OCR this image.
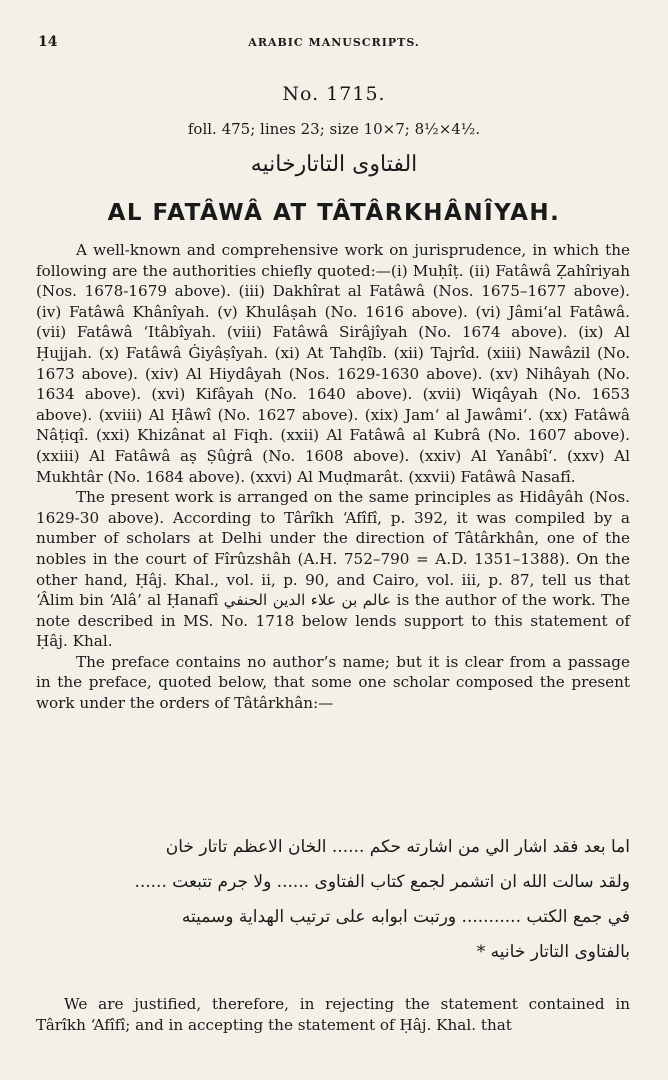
14	ARABIC MANUSCRIPTS.
No. 1715.
foll. 475; lines 23; size 10×7; 8½×4½.
الفتاوى التاتارخانيه
AL FATÂWÂ AT TÂTÂRKHÂNÎYAH.

A well-known and comprehensive work on jurisprudence, in which the following are the authorities chiefly quoted:—(i) Muḥîṭ. (ii) Fatâwâ Ẓahîriyah (Nos. 1678-1679 above). (iii) Dakhîrat al Fatâwâ (Nos. 1675–1677 above). (iv) Fatâwâ Khânîyah. (v) Khulâṣah (No. 1616 above). (vi) Jâmi‘al Fatâwâ. (vii) Fatâwâ ‘Itâbîyah. (viii) Fatâwâ Sirâjîyah (No. 1674 above). (ix) Al Ḥujjah. (x) Fatâwâ Ġiyâṣîyah. (xi) At Tahḍîb. (xii) Tajrîd. (xiii) Nawâzil (No. 1673 above). (xiv) Al Hiydâyah (Nos. 1629-1630 above). (xv) Nihâyah (No. 1634 above). (xvi) Kifâyah (No. 1640 above). (xvii) Wiqâyah (No. 1653 above). (xviii) Al Ḥâwî (No. 1627 above). (xix) Jam‘ al Jawâmi‘. (xx) Fatâwâ Nâṭiqî. (xxi) Khizânat al Fiqh. (xxii) Al Fatâwâ al Kubrâ (No. 1607 above). (xxiii) Al Fatâwâ aṣ Ṣûġrâ (No. 1608 above). (xxiv) Al Yanâbî‘. (xxv) Al Mukhtâr (No. 1684 above). (xxvi) Al Muḍmarât. (xxvii) Fatâwâ Nasafî.

The present work is arranged on the same principles as Hidâyâh (Nos. 1629-30 above). According to Târîkh ‘Afîfî, p. 392, it was compiled by a number of scholars at Delhi under the direction of Tâtârkhân, one of the nobles in the court of Fîrûzshâh (A.H. 752–790 = A.D. 1351–1388). On the other hand, Ḥâj. Khal., vol. ii, p. 90, and Cairo, vol. iii, p. 87, tell us that ‘Âlim bin ‘Alâ’ al Ḥanafî عالم بن علاء الدين الحنفي is the author of the work. The note described in MS. No. 1718 below lends support to this statement of Ḥâj. Khal.

The preface contains no author’s name; but it is clear from a passage in the preface, quoted below, that some one scholar composed the present work under the orders of Tâtârkhân:—

اما بعد فقد اشار الي من اشارته حكم ...... الخان الاعظم تاتار خان
ولقد سالت الله ان اتشمر لجمع كتاب الفتاوى ...... ولا جرم تتبعت ......
في جمع الكتب ........... ورتبت ابوابه على ترتيب الهداية وسميته
بالفتاوى التاتار خانيه *

We are justified, therefore, in rejecting the statement contained in Târîkh ‘Afîfî; and in accepting the statement of Ḥâj. Khal. that
